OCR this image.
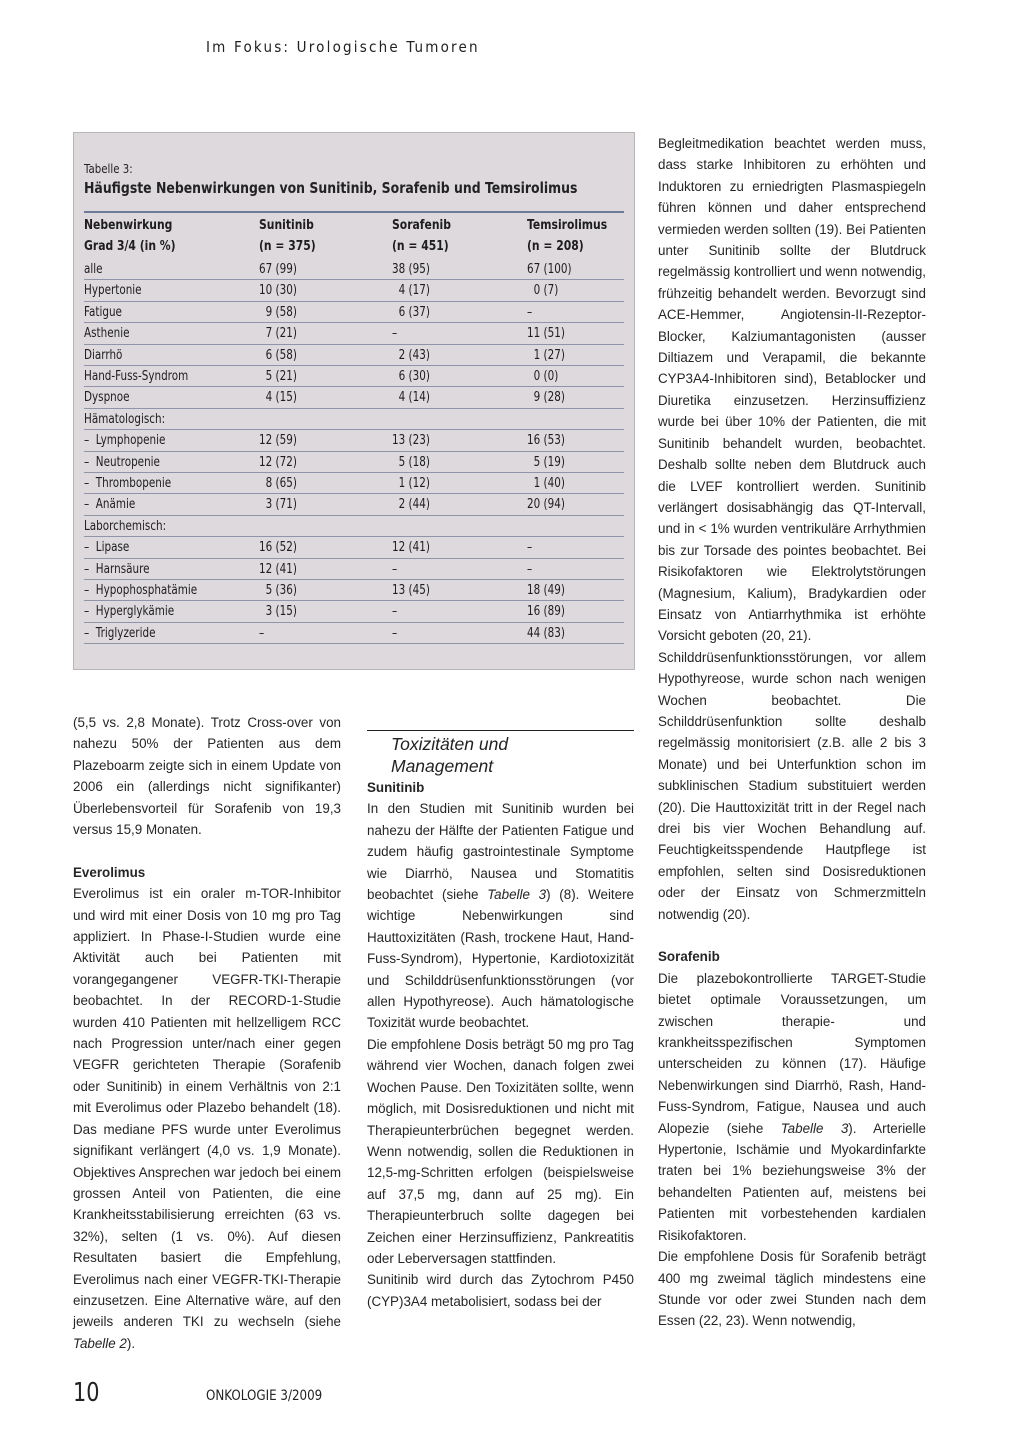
Im Fokus: Urologische Tumoren
Tabelle 3:
Häufigste Nebenwirkungen von Sunitinib, Sorafenib und Temsirolimus
Nebenwirkung	Sunitinib	Sorafenib	Temsirolimus
Grad 3/4 (in %)	(n = 375)	(n = 451)	(n = 208)
alle	67 (99)	38 (95)	67 (100)
Hypertonie	10 (30)	4 (17)	0 (7)
Fatigue	9 (58)	6 (37)	–
Asthenie	7 (21)	–	11 (51)
Diarrhö	6 (58)	2 (43)	1 (27)
Hand-Fuss-Syndrom	5 (21)	6 (30)	0 (0)
Dyspnoe	4 (15)	4 (14)	9 (28)
Hämatologisch:
–  Lymphopenie	12 (59)	13 (23)	16 (53)
–  Neutropenie	12 (72)	5 (18)	5 (19)
–  Thrombopenie	8 (65)	1 (12)	1 (40)
–  Anämie	3 (71)	2 (44)	20 (94)
Laborchemisch:
–  Lipase	16 (52)	12 (41)	–
–  Harnsäure	12 (41)	–	–
–  Hypophosphatämie	5 (36)	13 (45)	18 (49)
–  Hyperglykämie	3 (15)	–	16 (89)
–  Triglyzeride	–	–	44 (83)

(5,5 vs. 2,8 Monate). Trotz Cross-over von nahezu 50% der Patienten aus dem Plazeboarm zeigte sich in einem Update von 2006 ein (allerdings nicht signifikanter) Überlebensvorteil für Sorafenib von 19,3 versus 15,9 Monaten.

Everolimus

Everolimus ist ein oraler m-TOR-Inhibitor und wird mit einer Dosis von 10 mg pro Tag appliziert. In Phase-I-Studien wurde eine Aktivität auch bei Patienten mit vorangegangener VEGFR-TKI-Therapie beobachtet. In der RECORD-1-Studie wurden 410 Patienten mit hellzelligem RCC nach Progression unter/nach einer gegen VEGFR gerichteten Therapie (Sorafenib oder Sunitinib) in einem Verhältnis von 2:1 mit Everolimus oder Plazebo behandelt (18). Das mediane PFS wurde unter Everolimus signifikant verlängert (4,0 vs. 1,9 Monate). Objektives Ansprechen war jedoch bei einem grossen Anteil von Patienten, die eine Krankheitsstabilisierung erreichten (63 vs. 32%), selten (1 vs. 0%). Auf diesen Resultaten basiert die Empfehlung, Everolimus nach einer VEGFR-TKI-Therapie einzusetzen. Eine Alternative wäre, auf den jeweils anderen TKI zu wechseln (siehe Tabelle 2).

Toxizitäten und
Management

Sunitinib

In den Studien mit Sunitinib wurden bei nahezu der Hälfte der Patienten Fatigue und zudem häufig gastrointestinale Symptome wie Diarrhö, Nausea und Stomatitis beobachtet (siehe Tabelle 3) (8). Weitere wichtige Nebenwirkungen sind Hauttoxizitäten (Rash, trockene Haut, Hand-Fuss-Syndrom), Hypertonie, Kardiotoxizität und Schilddrüsenfunktionsstörungen (vor allen Hypothyreose). Auch hämatologische Toxizität wurde beobachtet.

Die empfohlene Dosis beträgt 50 mg pro Tag während vier Wochen, danach folgen zwei Wochen Pause. Den Toxizitäten sollte, wenn möglich, mit Dosisreduktionen und nicht mit Therapieunterbrüchen begegnet werden. Wenn notwendig, sollen die Reduktionen in 12,5-mg-Schritten erfolgen (beispielsweise auf 37,5 mg, dann auf 25 mg). Ein Therapieunterbruch sollte dagegen bei Zeichen einer Herzinsuffizienz, Pankreatitis oder Leberversagen stattfinden.

Sunitinib wird durch das Zytochrom P450 (CYP)3A4 metabolisiert, sodass bei der

Begleitmedikation beachtet werden muss, dass starke Inhibitoren zu erhöhten und Induktoren zu erniedrigten Plasmaspiegeln führen können und daher entsprechend vermieden werden sollten (19). Bei Patienten unter Sunitinib sollte der Blutdruck regelmässig kontrolliert und wenn notwendig, frühzeitig behandelt werden. Bevorzugt sind ACE-Hemmer, Angiotensin-II-Rezeptor-Blocker, Kalziumantagonisten (ausser Diltiazem und Verapamil, die bekannte CYP3A4-Inhibitoren sind), Betablocker und Diuretika einzusetzen. Herzinsuffizienz wurde bei über 10% der Patienten, die mit Sunitinib behandelt wurden, beobachtet. Deshalb sollte neben dem Blutdruck auch die LVEF kontrolliert werden. Sunitinib verlängert dosisabhängig das QT-Intervall, und in < 1% wurden ventrikuläre Arrhythmien bis zur Torsade des pointes beobachtet. Bei Risikofaktoren wie Elektrolytstörungen (Magnesium, Kalium), Bradykardien oder Einsatz von Antiarrhythmika ist erhöhte Vorsicht geboten (20, 21).

Schilddrüsenfunktionsstörungen, vor allem Hypothyreose, wurde schon nach wenigen Wochen beobachtet. Die Schilddrüsenfunktion sollte deshalb regelmässig monitorisiert (z.B. alle 2 bis 3 Monate) und bei Unterfunktion schon im subklinischen Stadium substituiert werden (20). Die Hauttoxizität tritt in der Regel nach drei bis vier Wochen Behandlung auf. Feuchtigkeitsspendende Hautpflege ist empfohlen, selten sind Dosisreduktionen oder der Einsatz von Schmerzmitteln notwendig (20).

Sorafenib

Die plazebokontrollierte TARGET-Studie bietet optimale Voraussetzungen, um zwischen therapie- und krankheitsspezifischen Symptomen unterscheiden zu können (17). Häufige Nebenwirkungen sind Diarrhö, Rash, Hand-Fuss-Syndrom, Fatigue, Nausea und auch Alopezie (siehe Tabelle 3). Arterielle Hypertonie, Ischämie und Myokardinfarkte traten bei 1% beziehungsweise 3% der behandelten Patienten auf, meistens bei Patienten mit vorbestehenden kardialen Risikofaktoren.

Die empfohlene Dosis für Sorafenib beträgt 400 mg zweimal täglich mindestens eine Stunde vor oder zwei Stunden nach dem Essen (22, 23). Wenn notwendig,

10	ONKOLOGIE 3/2009
